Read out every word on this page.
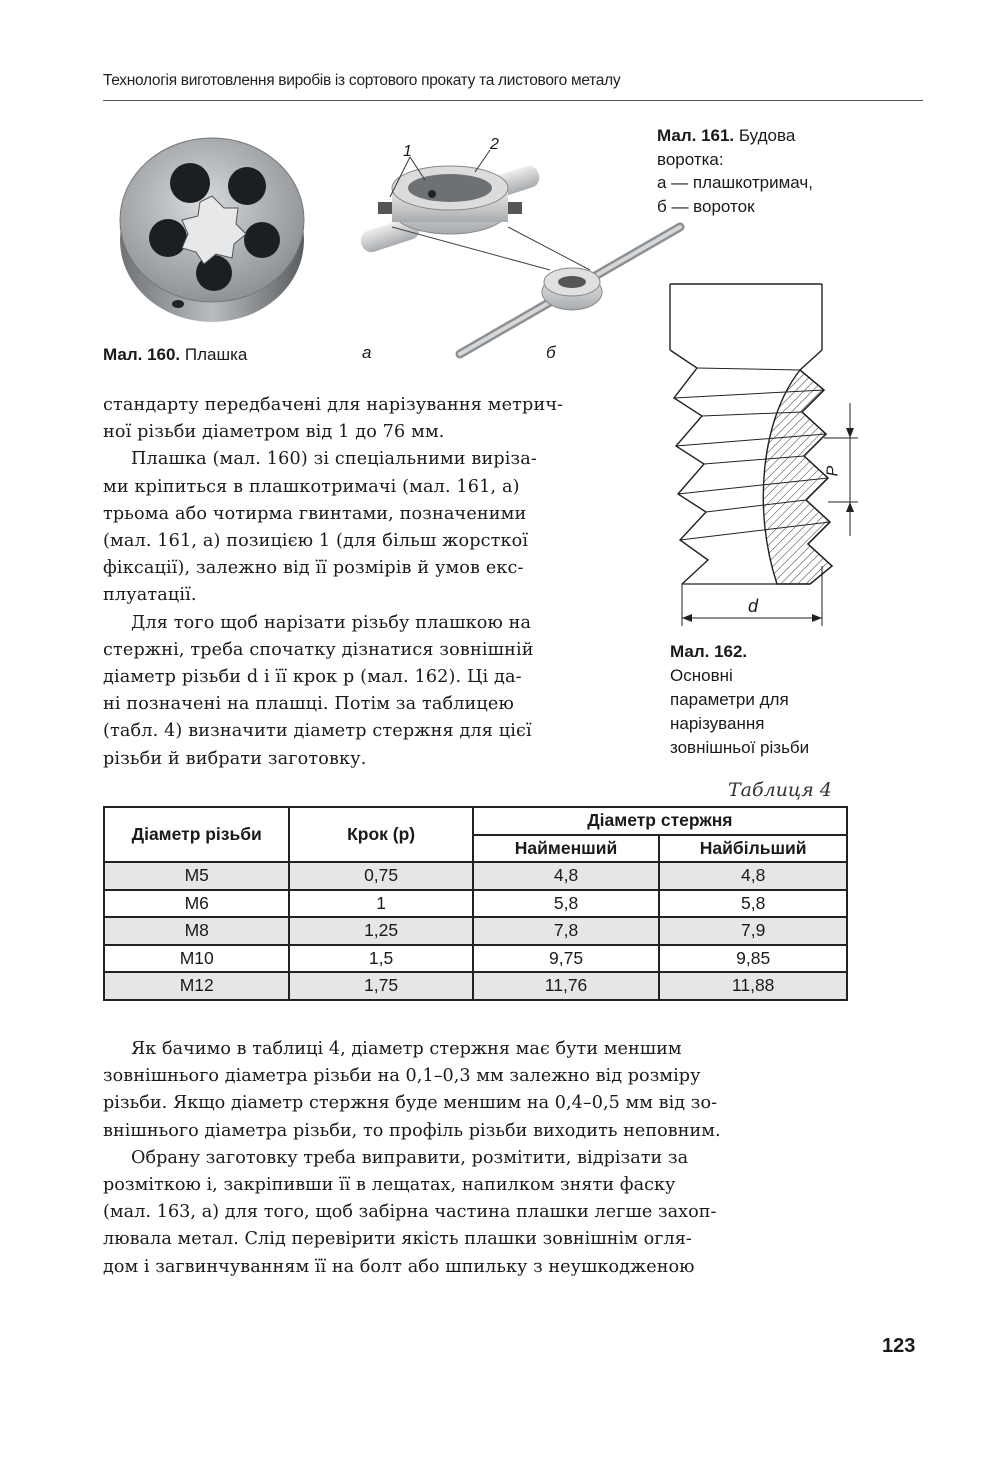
Технологія виготовлення виробів із сортового прокату та листового металу
Мал. 160. Плашка
1	2
а	б
Мал. 161. Будова
воротка:
а — плашкотримач,
б — вороток
P
d
Мал. 162.
Основні
параметри для
нарізування
зовнішньої різьби

стандарту передбачені для нарізування метрич-
ної різьби діаметром від 1 до 76 мм.

Плашка (мал. 160) зі спеціальними виріза-
ми кріпиться в плашкотримачі (мал. 161, а)
трьома або чотирма гвинтами, позначеними
(мал. 161, а) позицією 1 (для більш жорсткої
фіксації), залежно від її розмірів й умов екс-
плуатації.

Для того щоб нарізати різьбу плашкою на
стержні, треба спочатку дізнатися зовнішній
діаметр різьби d і її крок p (мал. 162). Ці да-
ні позначені на плашці. Потім за таблицею
(табл. 4) визначити діаметр стержня для цієї
різьби й вибрати заготовку.

Таблиця 4
Діаметр різьби	Крок (p)	Діаметр стержня	
		Найменший	Найбільший
M5	0,75	4,8	4,8
M6	1	5,8	5,8
M8	1,25	7,8	7,9
M10	1,5	9,75	9,85
M12	1,75	11,76	11,88

Як бачимо в таблиці 4, діаметр стержня має бути меншим
зовнішнього діаметра різьби на 0,1–0,3 мм залежно від розміру
різьби. Якщо діаметр стержня буде меншим на 0,4–0,5 мм від зо-
внішнього діаметра різьби, то профіль різьби виходить неповним.

Обрану заготовку треба виправити, розмітити, відрізати за
розміткою і, закріпивши її в лещатах, напилком зняти фаску
(мал. 163, а) для того, щоб забірна частина плашки легше захоп-
лювала метал. Слід перевірити якість плашки зовнішнім огля-
дом і загвинчуванням її на болт або шпильку з неушкодженою

123
